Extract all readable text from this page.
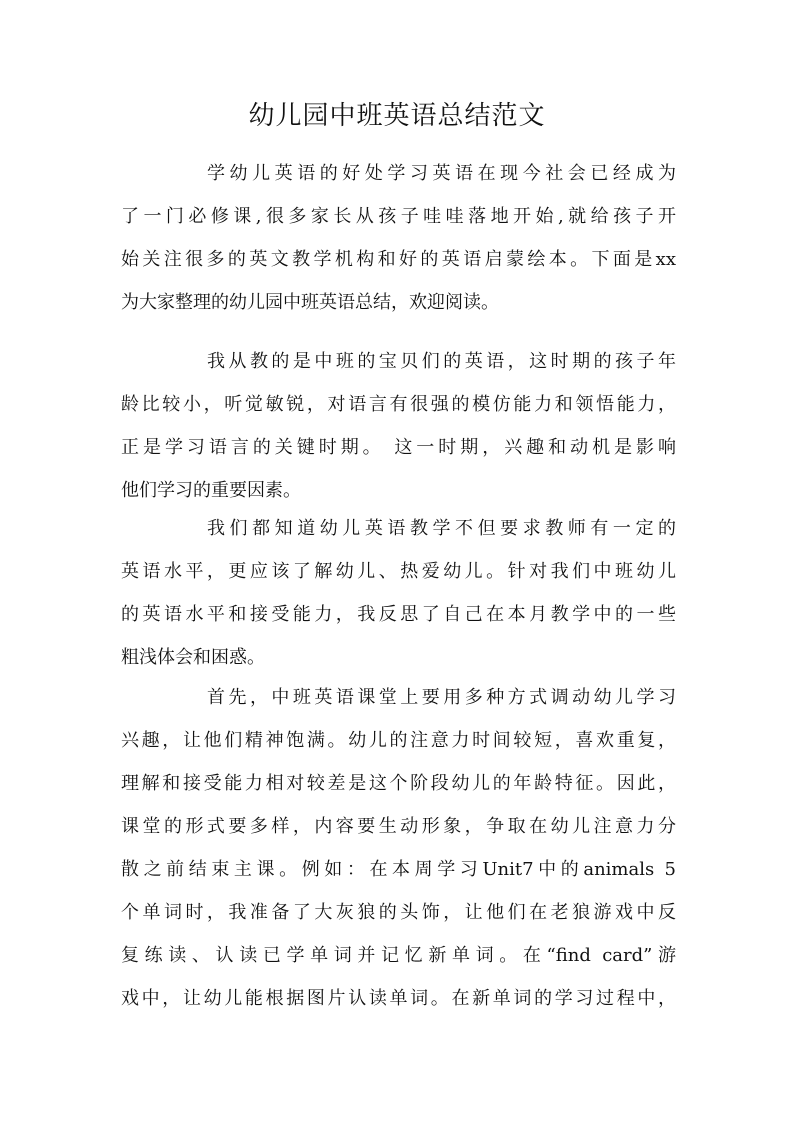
幼儿园中班英语总结范文

学幼儿英语的好处学习英语在现今社会已经成为

了一门必修课,很多家长从孩子哇哇落地开始,就给孩子开

始关注很多的英文教学机构和好的英语启蒙绘本。下面是xx

为大家整理的幼儿园中班英语总结，欢迎阅读。

我从教的是中班的宝贝们的英语，这时期的孩子年

龄比较小，听觉敏锐，对语言有很强的模仿能力和领悟能力，

正是学习语言的关键时期。 这一时期，兴趣和动机是影响

他们学习的重要因素。

我们都知道幼儿英语教学不但要求教师有一定的

英语水平，更应该了解幼儿、热爱幼儿。针对我们中班幼儿

的英语水平和接受能力，我反思了自己在本月教学中的一些

粗浅体会和困惑。

首先，中班英语课堂上要用多种方式调动幼儿学习

兴趣，让他们精神饱满。幼儿的注意力时间较短，喜欢重复，

理解和接受能力相对较差是这个阶段幼儿的年龄特征。因此，

课堂的形式要多样，内容要生动形象，争取在幼儿注意力分

散之前结束主课。例如：在本周学习Unit7中的animals 5

个单词时，我准备了大灰狼的头饰，让他们在老狼游戏中反

复练读、认读已学单词并记忆新单词。在“find card”游

戏中，让幼儿能根据图片认读单词。在新单词的学习过程中，
